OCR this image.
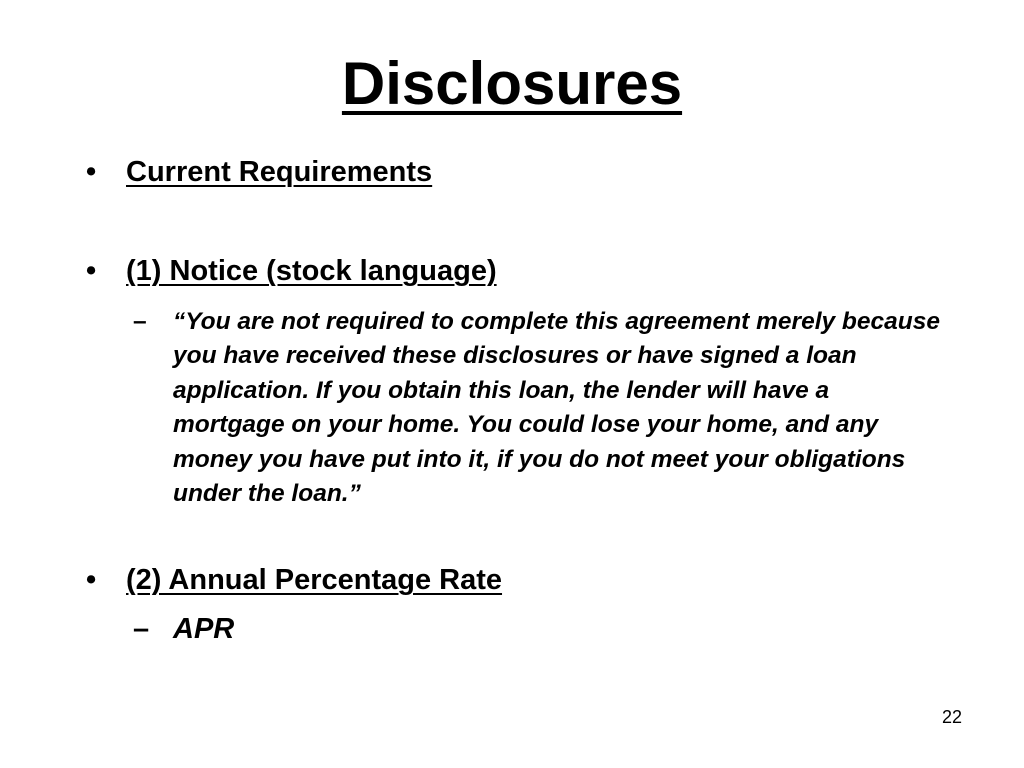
Disclosures
•	Current Requirements
•	(1) Notice (stock language)
–	“You are not required to complete this agreement merely because you have received these disclosures or have signed a loan application. If you obtain this loan, the lender will have a mortgage on your home. You could lose your home, and any money you have put into it, if you do not meet your obligations under the loan.”
•	(2) Annual Percentage Rate
– APR
22
